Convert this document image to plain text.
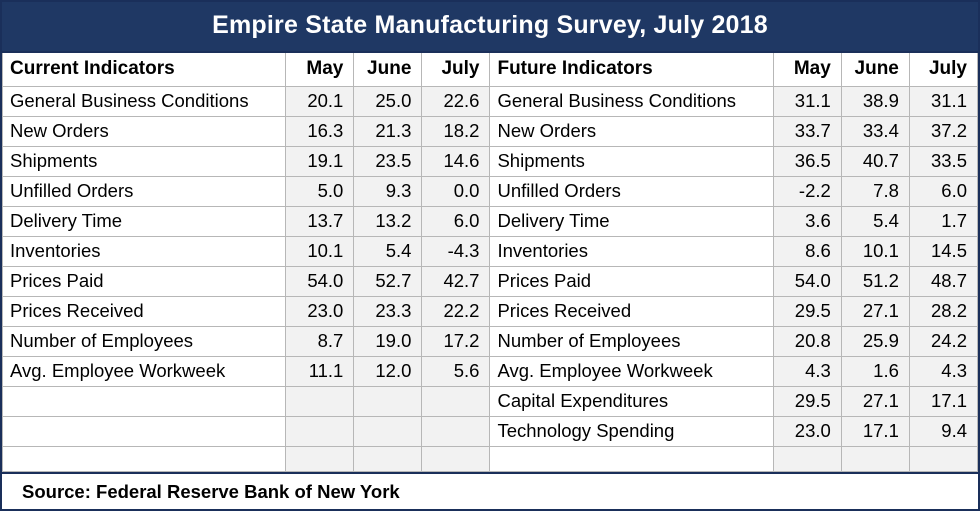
Empire State Manufacturing Survey, July 2018
Current Indicators	May	June	July	Future Indicators	May	June	July
General Business Conditions	20.1	25.0	22.6	General Business Conditions	31.1	38.9	31.1
New Orders	16.3	21.3	18.2	New Orders	33.7	33.4	37.2
Shipments	19.1	23.5	14.6	Shipments	36.5	40.7	33.5
Unfilled Orders	5.0	9.3	0.0	Unfilled Orders	-2.2	7.8	6.0
Delivery Time	13.7	13.2	6.0	Delivery Time	3.6	5.4	1.7
Inventories	10.1	5.4	-4.3	Inventories	8.6	10.1	14.5
Prices Paid	54.0	52.7	42.7	Prices Paid	54.0	51.2	48.7
Prices Received	23.0	23.3	22.2	Prices Received	29.5	27.1	28.2
Number of Employees	8.7	19.0	17.2	Number of Employees	20.8	25.9	24.2
Avg. Employee Workweek	11.1	12.0	5.6	Avg. Employee Workweek	4.3	1.6	4.3
				Capital Expenditures	29.5	27.1	17.1
				Technology Spending	23.0	17.1	9.4

Source: Federal Reserve Bank of New York
